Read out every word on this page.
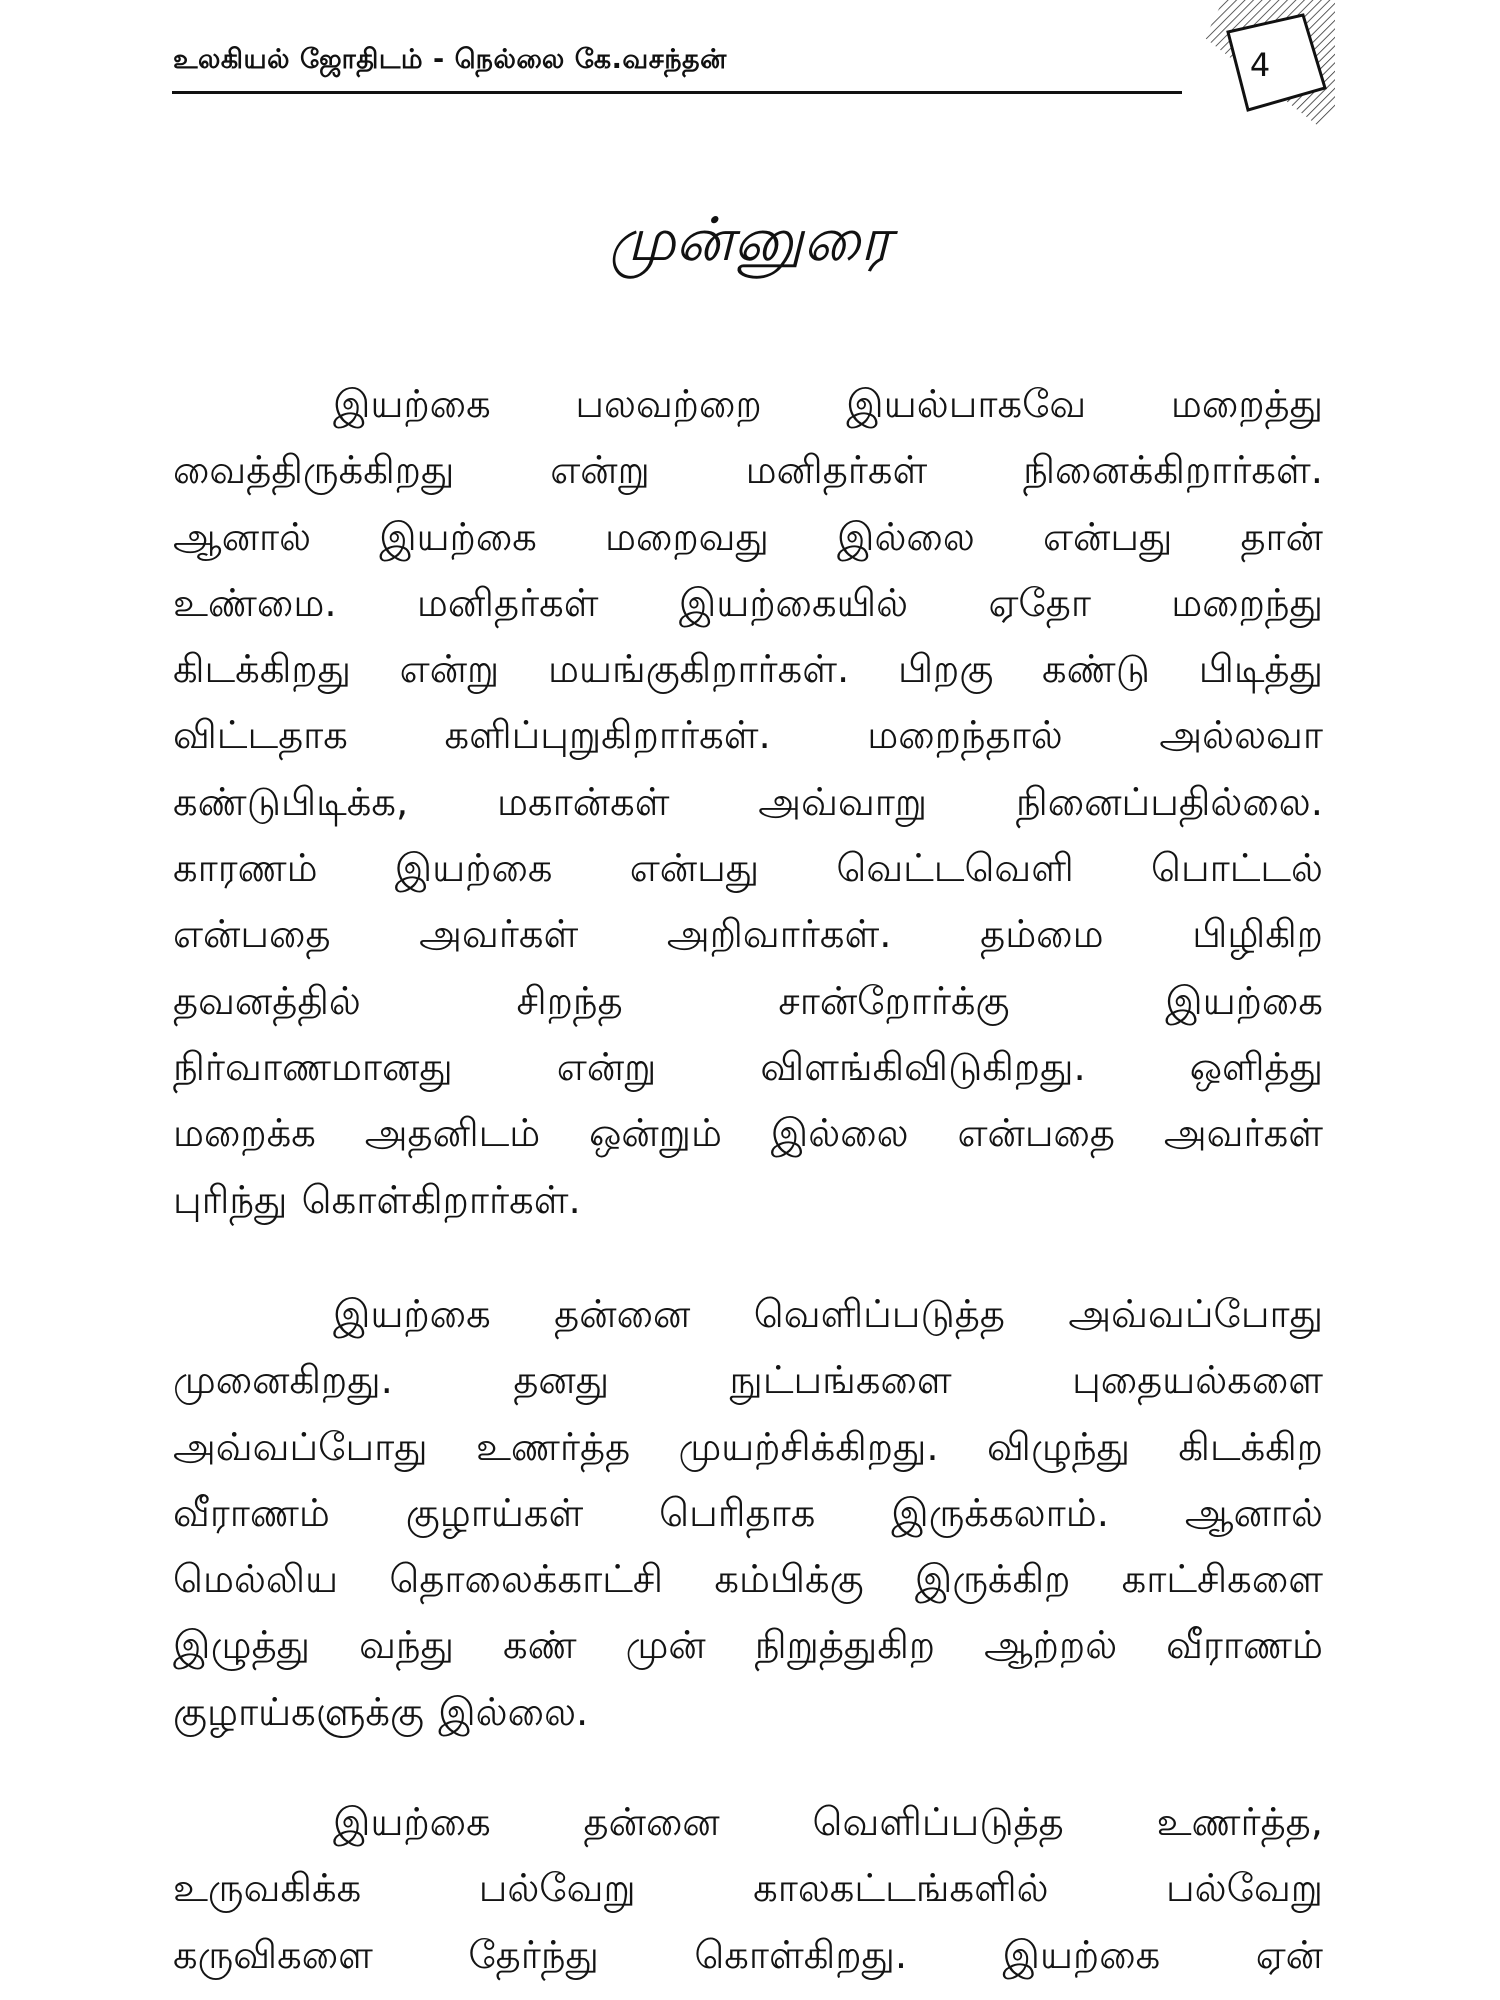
உலகியல் ஜோதிடம் - நெல்லை கே.வசந்தன்	4
முன்னுரை
இயற்கை பலவற்றை இயல்பாகவே மறைத்து
வைத்திருக்கிறது என்று மனிதர்கள் நினைக்கிறார்கள்.
ஆனால் இயற்கை மறைவது இல்லை என்பது தான்
உண்மை. மனிதர்கள் இயற்கையில் ஏதோ மறைந்து
கிடக்கிறது என்று மயங்குகிறார்கள். பிறகு கண்டு பிடித்து
விட்டதாக களிப்புறுகிறார்கள். மறைந்தால் அல்லவா
கண்டுபிடிக்க, மகான்கள் அவ்வாறு நினைப்பதில்லை.
காரணம் இயற்கை என்பது வெட்டவெளி பொட்டல்
என்பதை அவர்கள் அறிவார்கள். தம்மை பிழிகிற
தவனத்தில் சிறந்த சான்றோர்க்கு இயற்கை
நிர்வாணமானது என்று விளங்கிவிடுகிறது. ஒளித்து
மறைக்க அதனிடம் ஒன்றும் இல்லை என்பதை அவர்கள்
புரிந்து கொள்கிறார்கள்.
இயற்கை தன்னை வெளிப்படுத்த அவ்வப்போது
முனைகிறது. தனது நுட்பங்களை புதையல்களை
அவ்வப்போது உணர்த்த முயற்சிக்கிறது. விழுந்து கிடக்கிற
வீராணம் குழாய்கள் பெரிதாக இருக்கலாம். ஆனால்
மெல்லிய தொலைக்காட்சி கம்பிக்கு இருக்கிற காட்சிகளை
இழுத்து வந்து கண் முன் நிறுத்துகிற ஆற்றல் வீராணம்
குழாய்களுக்கு இல்லை.
இயற்கை தன்னை வெளிப்படுத்த உணர்த்த,
உருவகிக்க பல்வேறு காலகட்டங்களில் பல்வேறு
கருவிகளை தேர்ந்து கொள்கிறது. இயற்கை ஏன்
